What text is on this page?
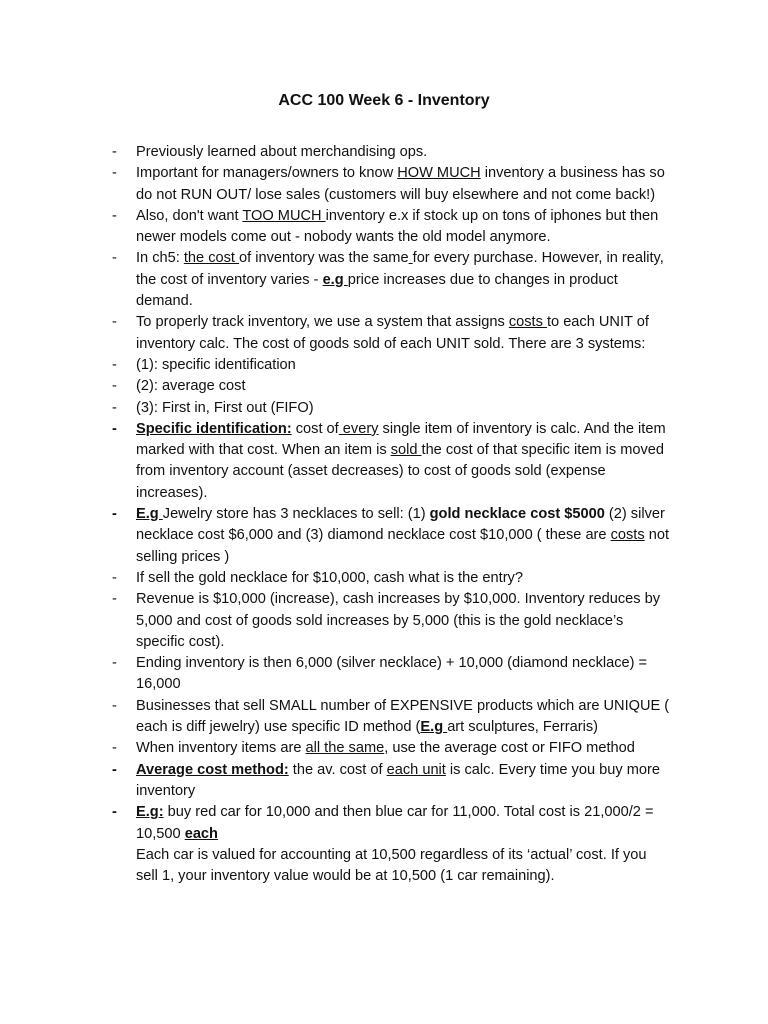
ACC 100 Week 6 - Inventory
- Previously learned about merchandising ops.
- Important for managers/owners to know HOW MUCH inventory a business has so do not RUN OUT/ lose sales (customers will buy elsewhere and not come back!)
- Also, don't want TOO MUCH inventory e.x if stock up on tons of iphones but then newer models come out - nobody wants the old model anymore.
- In ch5: the cost of inventory was the same for every purchase. However, in reality, the cost of inventory varies - e.g price increases due to changes in product demand.
- To properly track inventory, we use a system that assigns costs to each UNIT of inventory calc. The cost of goods sold of each UNIT sold. There are 3 systems:
- (1): specific identification
- (2): average cost
- (3): First in, First out (FIFO)
- Specific identification: cost of every single item of inventory is calc. And the item marked with that cost. When an item is sold the cost of that specific item is moved from inventory account (asset decreases) to cost of goods sold (expense increases).
- E.g Jewelry store has 3 necklaces to sell: (1) gold necklace cost $5000 (2) silver necklace cost $6,000 and (3) diamond necklace cost $10,000 ( these are costs not selling prices )
- If sell the gold necklace for $10,000, cash what is the entry?
- Revenue is $10,000 (increase), cash increases by $10,000. Inventory reduces by 5,000 and cost of goods sold increases by 5,000 (this is the gold necklace’s specific cost).
- Ending inventory is then 6,000 (silver necklace) + 10,000 (diamond necklace) = 16,000
- Businesses that sell SMALL number of EXPENSIVE products which are UNIQUE ( each is diff jewelry) use specific ID method (E.g art sculptures, Ferraris)
- When inventory items are all the same, use the average cost or FIFO method
- Average cost method: the av. cost of each unit is calc. Every time you buy more inventory
- E.g: buy red car for 10,000 and then blue car for 11,000. Total cost is 21,000/2 = 10,500 each
Each car is valued for accounting at 10,500 regardless of its ‘actual’ cost. If you sell 1, your inventory value would be at 10,500 (1 car remaining).
